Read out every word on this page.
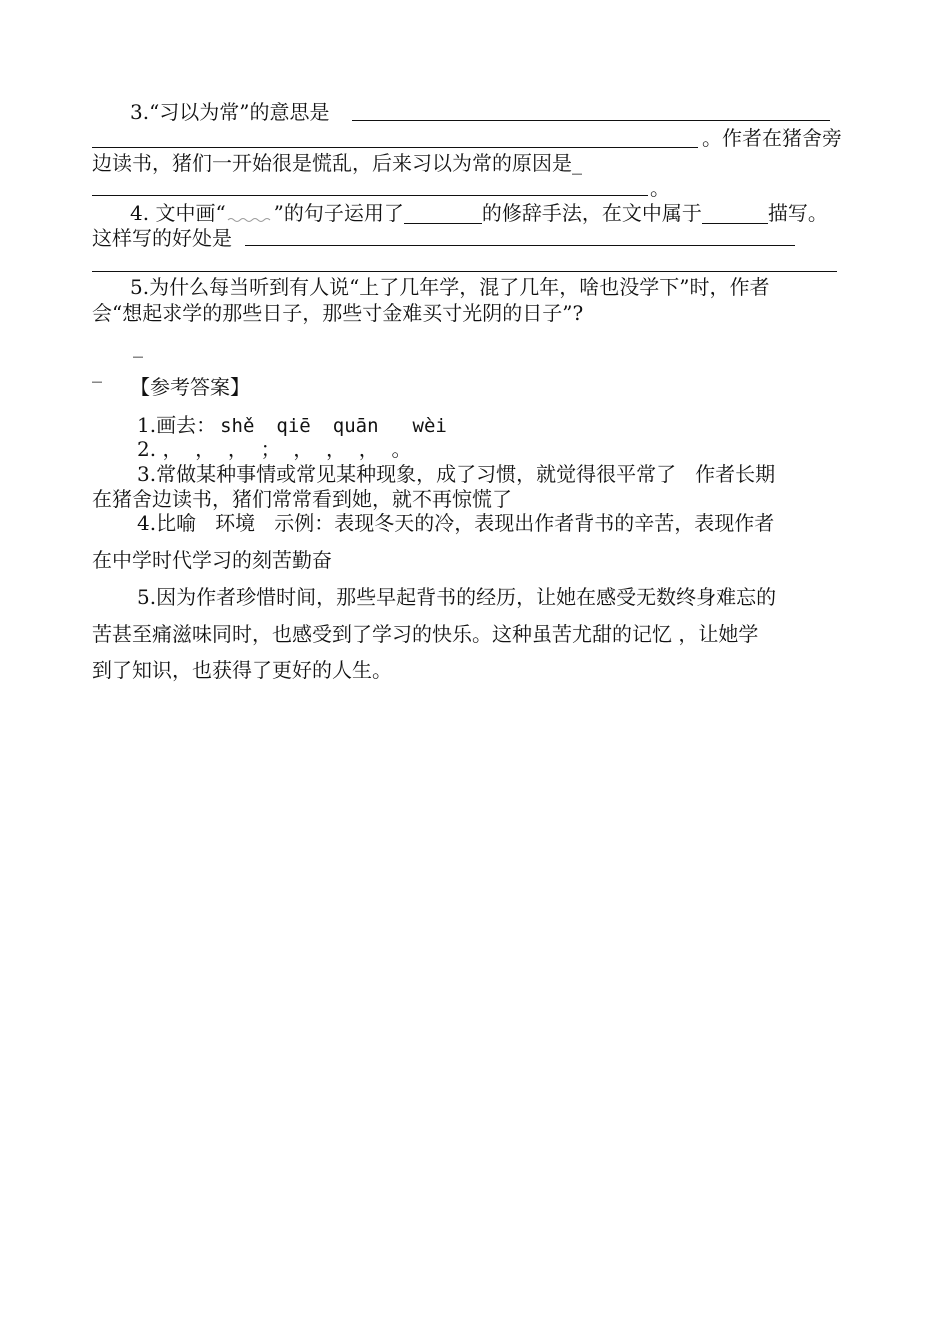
3.“习以为常”的意思是
。作者在猪舍旁
边读书，猪们一开始很是慌乱，后来习以为常的原因是_
。
4. 文中画“ ”的句子运用了	的修辞手法，在文中属于	描写。
这样写的好处是
5.为什么每当听到有人说“上了几年学，混了几年，啥也没学下”时，作者
会“想起求学的那些日子，那些寸金难买寸光阴的日子”?
_
_
【参考答案】
1.画去： shě qiē quān wèi
2. ，  ，  ，  ；  ，  ，  ，  。
3.常做某种事情或常见某种现象，成了习惯，就觉得很平常了   作者长期
在猪舍边读书，猪们常常看到她，就不再惊慌了
4.比喻   环境   示例：表现冬天的冷，表现出作者背书的辛苦，表现作者
在中学时代学习的刻苦勤奋
5.因为作者珍惜时间，那些早起背书的经历，让她在感受无数终身难忘的
苦甚至痛滋味同时，也感受到了学习的快乐。这种虽苦尤甜的记忆 ，让她学
到了知识，也获得了更好的人生。
